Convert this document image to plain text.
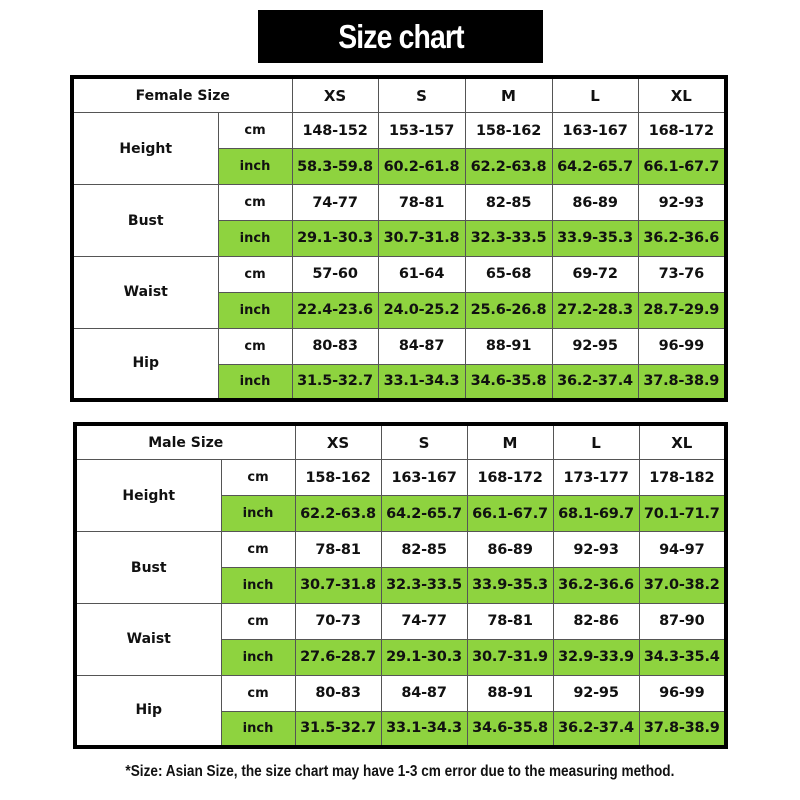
Size chart
Female Size		XS	S	M	L	XL
Height	cm	148-152	153-157	158-162	163-167	168-172
	inch	58.3-59.8	60.2-61.8	62.2-63.8	64.2-65.7	66.1-67.7
Bust	cm	74-77	78-81	82-85	86-89	92-93
	inch	29.1-30.3	30.7-31.8	32.3-33.5	33.9-35.3	36.2-36.6
Waist	cm	57-60	61-64	65-68	69-72	73-76
	inch	22.4-23.6	24.0-25.2	25.6-26.8	27.2-28.3	28.7-29.9
Hip	cm	80-83	84-87	88-91	92-95	96-99
	inch	31.5-32.7	33.1-34.3	34.6-35.8	36.2-37.4	37.8-38.9
Male Size		XS	S	M	L	XL
Height	cm	158-162	163-167	168-172	173-177	178-182
	inch	62.2-63.8	64.2-65.7	66.1-67.7	68.1-69.7	70.1-71.7
Bust	cm	78-81	82-85	86-89	92-93	94-97
	inch	30.7-31.8	32.3-33.5	33.9-35.3	36.2-36.6	37.0-38.2
Waist	cm	70-73	74-77	78-81	82-86	87-90
	inch	27.6-28.7	29.1-30.3	30.7-31.9	32.9-33.9	34.3-35.4
Hip	cm	80-83	84-87	88-91	92-95	96-99
	inch	31.5-32.7	33.1-34.3	34.6-35.8	36.2-37.4	37.8-38.9
*Size: Asian Size, the size chart may have 1-3 cm error due to the measuring method.
